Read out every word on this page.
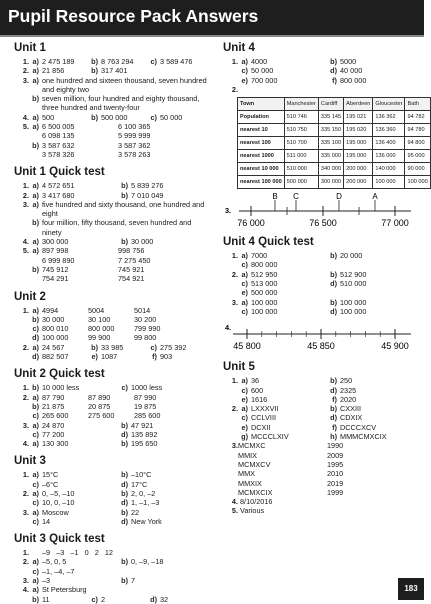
Pupil Resource Pack Answers
Unit 1
1. a) 2 475 189	b) 8 763 294	c) 3 589 476
2. a) 21 856	b) 317 401
3. a) one hundred and sixteen thousand, seven hundred and eighty two
b) seven million, four hundred and eighty thousand, three hundred and twenty-four
4. a) 500	b) 500 000	c) 50 000
5. a) 6 500 005	6 100 365
6 098 135	5 999 999
b) 3 587 632	3 587 362
3 578 326	3 578 263
Unit 1 Quick test
1. a) 4 572 651	b) 5 839 276
2. a) 3 417 680	b) 7 010 049
3. a) five hundred and sixty thousand, one hundred and eight
b) four million, fifty thousand, seven hundred and ninety
4. a) 300 000	b) 30 000
5. a) 897 998	998 756
6 999 890	7 275 450
b) 745 912	745 921
754 291	754 921
Unit 2
1. a) 4994	5004	5014
b) 30 000	30 100	30 200
c) 800 010	800 000	799 990
d) 100 000	99 900	99 800
2. a) 24 567	b) 33 985	c) 275 392
d) 882 507	e) 1087	f) 903
Unit 2 Quick test
1. b) 10 000 less	c) 1000 less
2. a) 87 790	87 890	87 990
b) 21 875	20 875	19 875
c) 265 600	275 600	285 600
3. a) 24 870	b) 47 921
c) 77 200	d) 135 892
4. a) 130 300	b) 195 650
Unit 3
1. a) 15°C	b) –10°C
c) –6°C	d) 17°C
2. a) 0, –5, –10	b) 2, 0, –2
c) 10, 0, –10	d) 1, –1, –3
3. a) Moscow	b) 22
c) 14	d) New York
Unit 3 Quick test
1. –9   –3   –1   0   2   12
2. a) –5, 0, 5	b) 0, –9, –18
c) –1, –4, –7
3. a) –3	b) 7
4. a) St Petersburg
b) 11	c) 2	d) 32
Unit 4
1. a) 4000	b) 5000
c) 50 000	d) 40 000
e) 700 000	f) 800 000
2.
Town	Manchester	Cardiff	Aberdeen	Gloucester	Bath
Population	510 746	335 145	195 021	136 362	94 782
nearest 10	510 750	335 150	195 020	136 360	94 780
nearest 100	510 700	335 100	195 000	136 400	94 800
nearest 1000	511 000	335 000	195 000	136 000	95 000
nearest 10 000	510 000	340 000	200 000	140 000	90 000
nearest 100 000	500 000	300 000	200 000	100 000	100 000
3.
B C	D	A
76 000	76 500	77 000
Unit 4 Quick test
1. a) 7000	b) 20 000
c) 800 000
2. a) 512 950	b) 512 900
c) 513 000	d) 510 000
e) 500 000
3. a) 100 000	b) 100 000
c) 100 000	d) 100 000
4.
45 800	45 850	45 900
Unit 5
1. a) 36	b) 250
c) 600	d) 2325
e) 1616	f) 2020
2. a) LXXXVII	b) CXXIII
c) CCLVIII	d) CDXIX
e) DCXII	f) DCCCXCV
g) MCCCLXIV	h) MMMCMXCIX
3. MCMXC	1990
MMIX	2009
MCMXCV	1995
MMX	2010
MMXIX	2019
MCMXCIX	1999
4. 8/10/2016
5. Various
183
